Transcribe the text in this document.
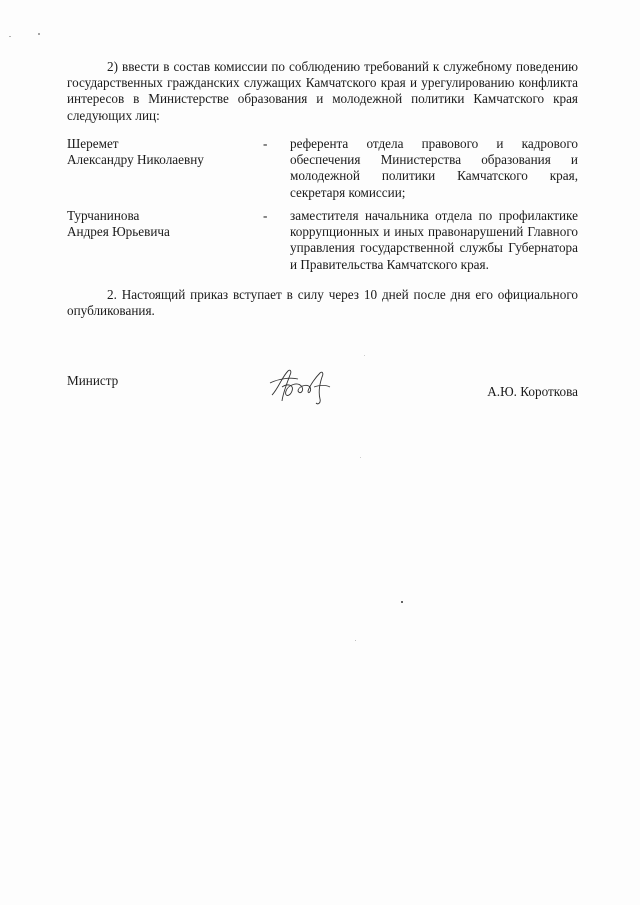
2) ввести в состав комиссии по соблюдению требований к служебному поведению государственных гражданских служащих Камчатского края и урегулированию конфликта интересов в Министерстве образования и молодежной политики Камчатского края следующих лиц:
Шеремет
Александру Николаевну
- референта отдела правового и кадрового обеспечения Министерства образования и молодежной политики Камчатского края, секретаря комиссии;
Турчанинова
Андрея Юрьевича
- заместителя начальника отдела по профилактике коррупционных и иных правонарушений Главного управления государственной службы Губернатора и Правительства Камчатского края.
2. Настоящий приказ вступает в силу через 10 дней после дня его официального опубликования.
Министр
А.Ю. Короткова
